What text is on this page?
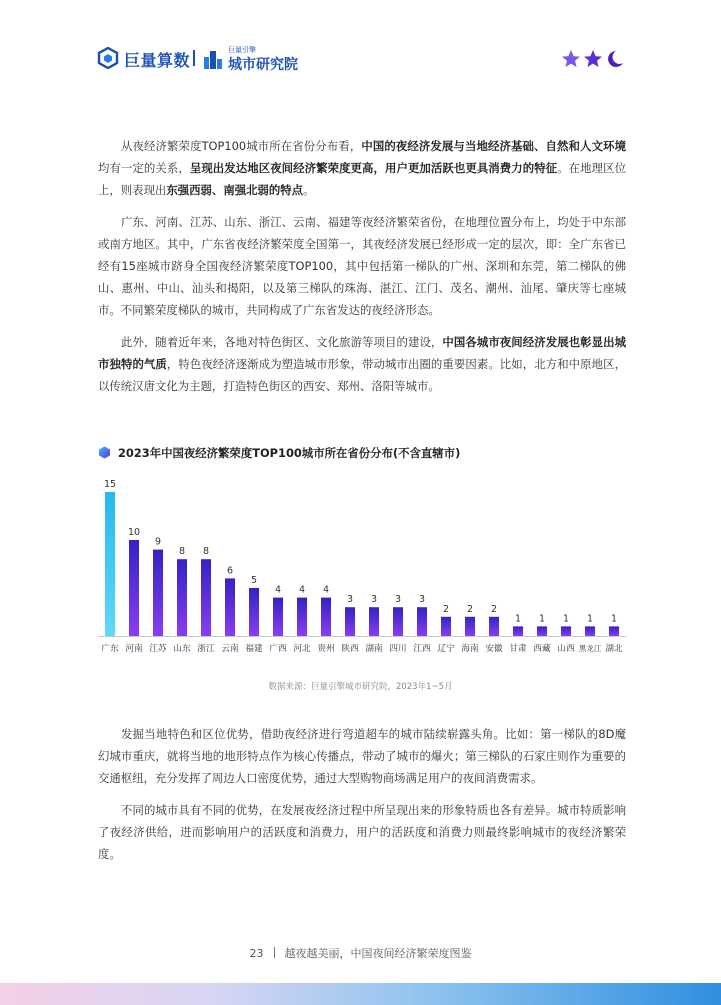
巨量算数
巨量引擎
城市研究院

从夜经济繁荣度TOP100城市所在省份分布看，中国的夜经济发展与当地经济基础、自然和人文环境均有一定的关系，呈现出发达地区夜间经济繁荣度更高，用户更加活跃也更具消费力的特征。在地理区位上，则表现出东强西弱、南强北弱的特点。

广东、河南、江苏、山东、浙江、云南、福建等夜经济繁荣省份，在地理位置分布上，均处于中东部或南方地区。其中，广东省夜经济繁荣度全国第一，其夜经济发展已经形成一定的层次，即：全广东省已经有15座城市跻身全国夜经济繁荣度TOP100，其中包括第一梯队的广州、深圳和东莞，第二梯队的佛山、惠州、中山、汕头和揭阳，以及第三梯队的珠海、湛江、江门、茂名、潮州、汕尾、肇庆等七座城市。不同繁荣度梯队的城市，共同构成了广东省发达的夜经济形态。

此外，随着近年来，各地对特色街区、文化旅游等项目的建设，中国各城市夜间经济发展也彰显出城市独特的气质，特色夜经济逐渐成为塑造城市形象，带动城市出圈的重要因素。比如，北方和中原地区，以传统汉唐文化为主题，打造特色街区的西安、郑州、洛阳等城市。

2023年中国夜经济繁荣度TOP100城市所在省份分布(不含直辖市)
15
广东
10
河南
9
江苏
8
山东
8
浙江
6
云南
5
福建
4
广西
4
河北
4
贵州
3
陕西
3
湖南
3
四川
3
江西
2
辽宁
2
海南
2
安徽
1
甘肃
1
西藏
1
山西
1
黑龙江
1
湖北
数据来源：巨量引擎城市研究院，2023年1~5月

发掘当地特色和区位优势，借助夜经济进行弯道超车的城市陆续崭露头角。比如：第一梯队的8D魔幻城市重庆，就将当地的地形特点作为核心传播点，带动了城市的爆火；第三梯队的石家庄则作为重要的交通枢纽，充分发挥了周边人口密度优势，通过大型购物商场满足用户的夜间消费需求。

不同的城市具有不同的优势，在发展夜经济过程中所呈现出来的形象特质也各有差异。城市特质影响了夜经济供给，进而影响用户的活跃度和消费力，用户的活跃度和消费力则最终影响城市的夜经济繁荣度。

23 越夜越美丽，中国夜间经济繁荣度图鉴
